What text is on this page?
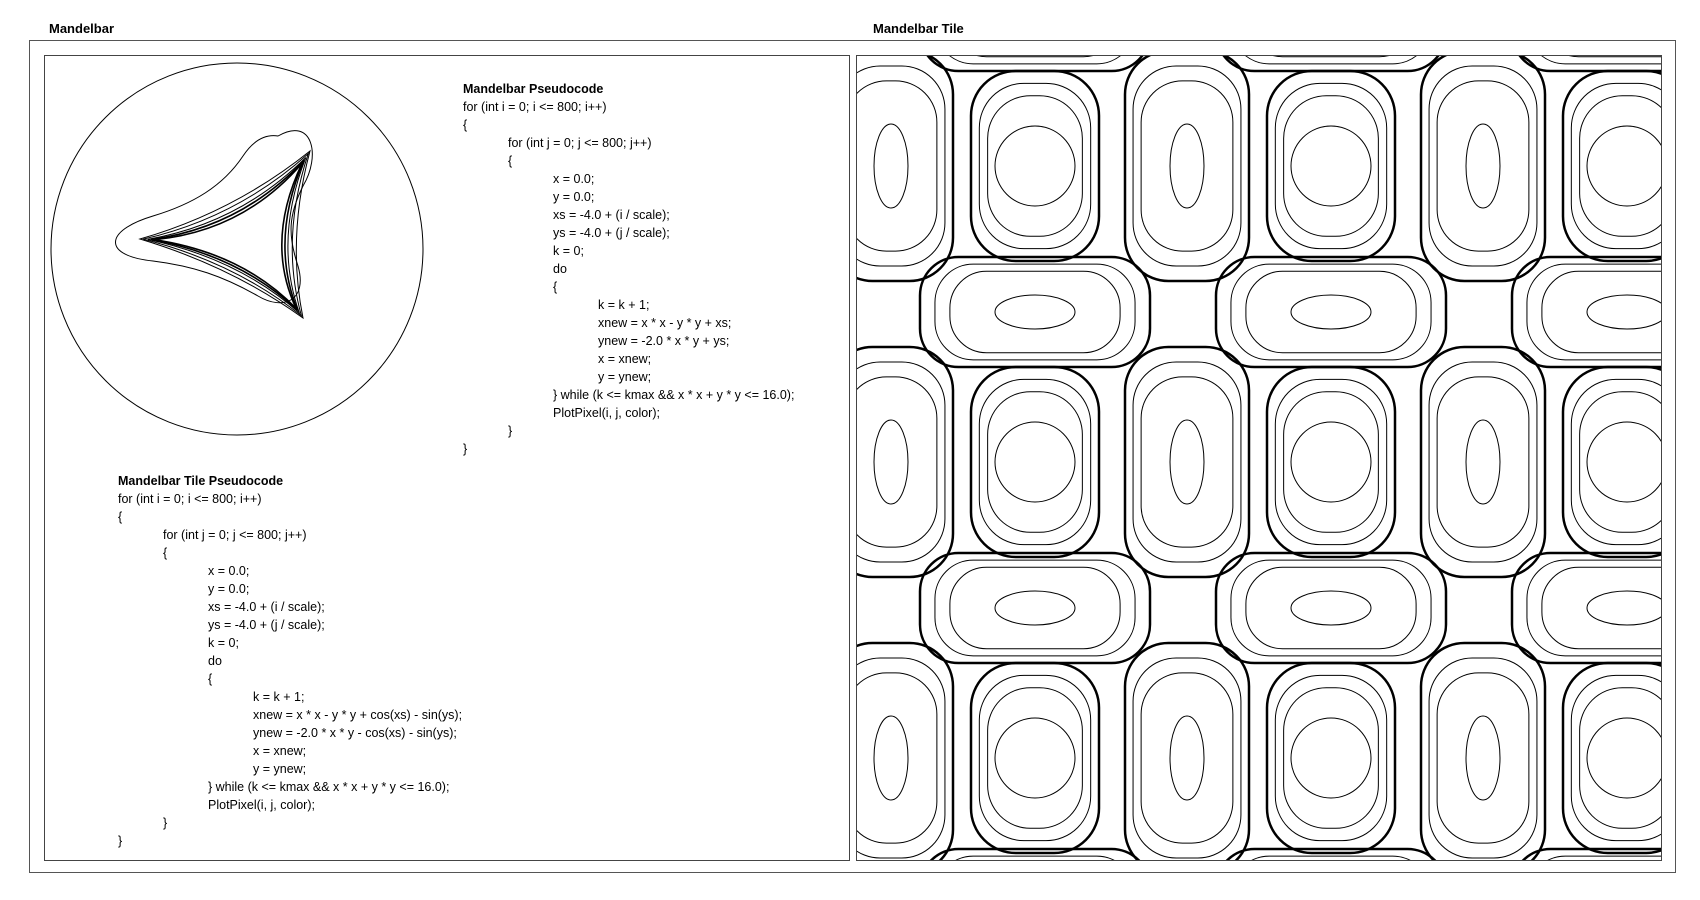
Mandelbar	Mandelbar Tile
Mandelbar Pseudocode
for (int i = 0; i <= 800; i++)
{
for (int j = 0; j <= 800; j++)
{
x = 0.0;
y = 0.0;
xs = -4.0 + (i / scale);
ys = -4.0 + (j / scale);
k = 0;
do
{
k = k + 1;
xnew = x * x - y * y + xs;
ynew = -2.0 * x * y + ys;
x = xnew;
y = ynew;
} while (k <= kmax && x * x + y * y <= 16.0);
PlotPixel(i, j, color);
}
}
Mandelbar Tile Pseudocode
for (int i = 0; i <= 800; i++)
{
for (int j = 0; j <= 800; j++)
{
x = 0.0;
y = 0.0;
xs = -4.0 + (i / scale);
ys = -4.0 + (j / scale);
k = 0;
do
{
k = k + 1;
xnew = x * x - y * y + cos(xs) - sin(ys);
ynew = -2.0 * x * y - cos(xs) - sin(ys);
x = xnew;
y = ynew;
} while (k <= kmax && x * x + y * y <= 16.0);
PlotPixel(i, j, color);
}
}
